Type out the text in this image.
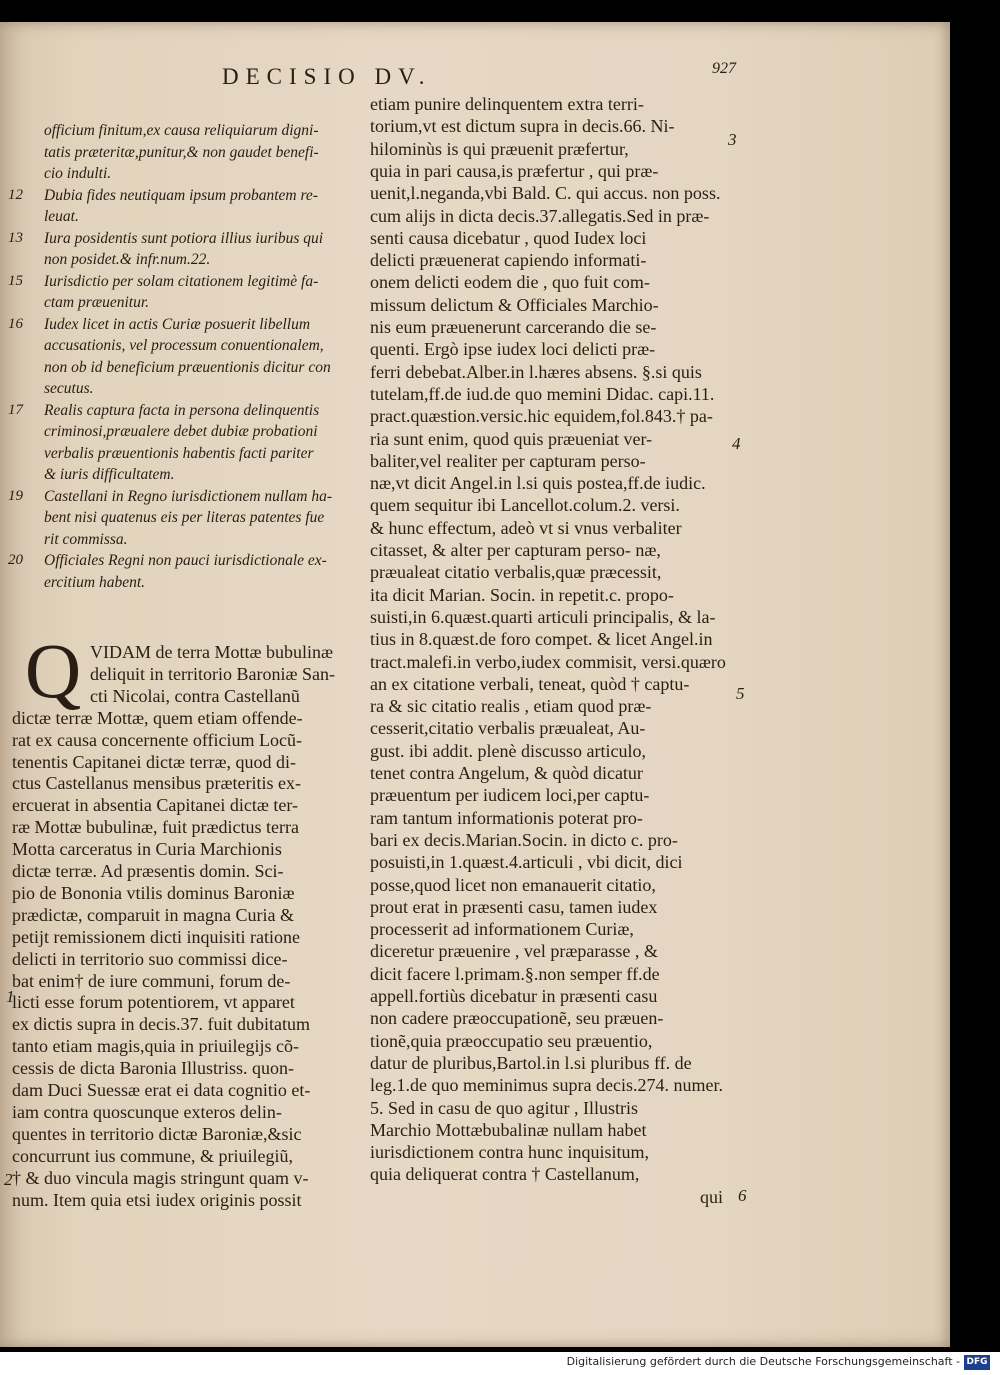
DECISIO DV.	927
officium finitum,ex causa reliquiarum digni-
tatis præteritæ,punitur,& non gaudet benefi-
cio indulti.
Dubia fides neutiquam ipsum probantem re-
leuat.
Iura posidentis sunt potiora illius iuribus qui
non posidet.& infr.num.22.
Iurisdictio per solam citationem legitimè fa-
ctam præuenitur.
Iudex licet in actis Curiæ posuerit libellum
accusationis, vel processum conuentionalem,
non ob id beneficium præuentionis dicitur con
secutus.
Realis captura facta in persona delinquentis
criminosi,præualere debet dubiæ probationi
verbalis præuentionis habentis facti pariter
& iuris difficultatem.
Castellani in Regno iurisdictionem nullam ha-
bent nisi quatenus eis per literas patentes fue
rit commissa.
Officiales Regni non pauci iurisdictionale ex-
ercitium habent.
12
13
15
16
17
19
20
VIDAM de terra Mottæ bubulinæ
deliquit in territorio Baroniæ San-
cti Nicolai, contra Castellanũ
dictæ terræ Mottæ, quem etiam offende-
rat ex causa concernente officium Locũ-
tenentis Capitanei dictæ terræ, quod di-
ctus Castellanus mensibus præteritis ex-
ercuerat in absentia Capitanei dictæ ter-
ræ Mottæ bubulinæ, fuit prædictus terra
Motta carceratus in Curia Marchionis
dictæ terræ. Ad præsentis domin. Sci-
pio de Bononia vtilis dominus Baroniæ
prædictæ, comparuit in magna Curia &
petijt remissionem dicti inquisiti ratione
delicti in territorio suo commissi dice-
bat enim† de iure communi, forum de-
licti esse forum potentiorem, vt apparet
ex dictis supra in decis.37. fuit dubitatum
tanto etiam magis,quia in priuilegijs cõ-
cessis de dicta Baronia Illustriss. quon-
dam Duci Suessæ erat ei data cognitio et-
iam contra quoscunque exteros delin-
quentes in territorio dictæ Baroniæ,&sic
concurrunt ius commune, & priuilegiũ,
† & duo vincula magis stringunt quam v-
num. Item quia etsi iudex originis possit
etiam punire delinquentem extra terri-
torium,vt est dictum supra in decis.66. Ni-
hilominùs is qui præuenit præfertur,
quia in pari causa,is præfertur , qui præ-
uenit,l.neganda,vbi Bald. C. qui accus. non poss.
cum alijs in dicta decis.37.allegatis.Sed in præ-
senti causa dicebatur , quod Iudex loci
delicti præuenerat capiendo informati-
onem delicti eodem die , quo fuit com-
missum delictum & Officiales Marchio-
nis eum præuenerunt carcerando die se-
quenti. Ergò ipse iudex loci delicti præ-
ferri debebat.Alber.in l.hæres absens. §.si quis
tutelam,ff.de iud.de quo memini Didac. capi.11.
pract.quæstion.versic.hic equidem,fol.843.† pa-
ria sunt enim, quod quis præueniat ver-
baliter,vel realiter per capturam perso-
næ,vt dicit Angel.in l.si quis postea,ff.de iudic.
quem sequitur ibi Lancellot.colum.2. versi.
& hunc effectum, adeò vt si vnus verbaliter
citasset, & alter per capturam perso- næ,
præualeat citatio verbalis,quæ præcessit,
ita dicit Marian. Socin. in repetit.c. propo-
suisti,in 6.quæst.quarti articuli principalis, & la-
tius in 8.quæst.de foro compet. & licet Angel.in
tract.malefi.in verbo,iudex commisit, versi.quæro
an ex citatione verbali, teneat, quòd † captu-
ra & sic citatio realis , etiam quod præ-
cesserit,citatio verbalis præualeat, Au-
gust. ibi addit. plenè discusso articulo,
tenet contra Angelum, & quòd dicatur
præuentum per iudicem loci,per captu-
ram tantum informationis poterat pro-
bari ex decis.Marian.Socin. in dicto c. pro-
posuisti,in 1.quæst.4.articuli , vbi dicit, dici
posse,quod licet non emanauerit citatio,
prout erat in præsenti casu, tamen iudex
processerit ad informationem Curiæ,
diceretur præuenire , vel præparasse , &
dicit facere l.primam.§.non semper ff.de
appell.fortiùs dicebatur in præsenti casu
non cadere præoccupationẽ, seu præuen-
tionẽ,quia præoccupatio seu præuentio,
datur de pluribus,Bartol.in l.si pluribus ff. de
leg.1.de quo meminimus supra decis.274. numer.
5. Sed in casu de quo agitur , Illustris
Marchio Mottæbubalinæ nullam habet
iurisdictionem contra hunc inquisitum,
quia deliquerat contra † Castellanum,
qui
Q
1
2
3
4
5
6
Digitalisierung gefördert durch die Deutsche Forschungsgemeinschaft - DFG
